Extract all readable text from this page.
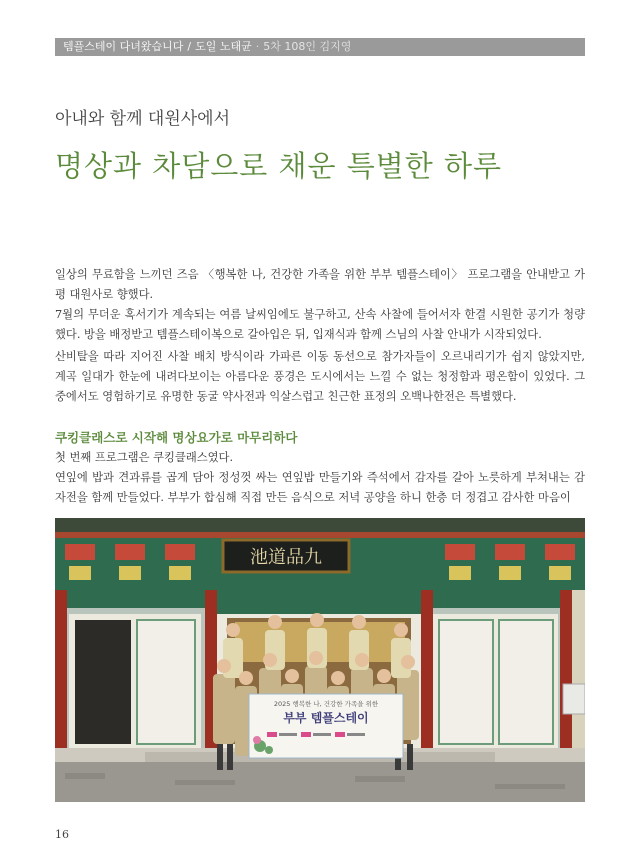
템플스테이 다녀왔습니다 / 도일 노태균 · 5차 108인 김지영
아내와 함께 대원사에서
명상과 차담으로 채운 특별한 하루

일상의 무료함을 느끼던 즈음 〈행복한 나, 건강한 가족을 위한 부부 템플스테이〉 프로그램을 안내받고 가평 대원사로 향했다.

7월의 무더운 혹서기가 계속되는 여름 날씨임에도 불구하고, 산속 사찰에 들어서자 한결 시원한 공기가 청량했다. 방을 배정받고 템플스테이복으로 갈아입은 뒤, 입재식과 함께 스님의 사찰 안내가 시작되었다.

산비탈을 따라 지어진 사찰 배치 방식이라 가파른 이동 동선으로 참가자들이 오르내리기가 쉽지 않았지만, 계곡 일대가 한눈에 내려다보이는 아름다운 풍경은 도시에서는 느낄 수 없는 청정함과 평온함이 있었다. 그 중에서도 영험하기로 유명한 동굴 약사전과 익살스럽고 친근한 표정의 오백나한전은 특별했다.

쿠킹클래스로 시작해 명상요가로 마무리하다

첫 번째 프로그램은 쿠킹클래스였다.

연잎에 밥과 견과류를 곱게 담아 정성껏 싸는 연잎밥 만들기와 즉석에서 감자를 갈아 노릇하게 부쳐내는 감자전을 함께 만들었다. 부부가 합심해 직접 만든 음식으로 저녁 공양을 하니 한층 더 정겹고 감사한 마음이

池道品九
2025 행복한 나, 건강한 가족을 위한
부부 템플스테이
16
